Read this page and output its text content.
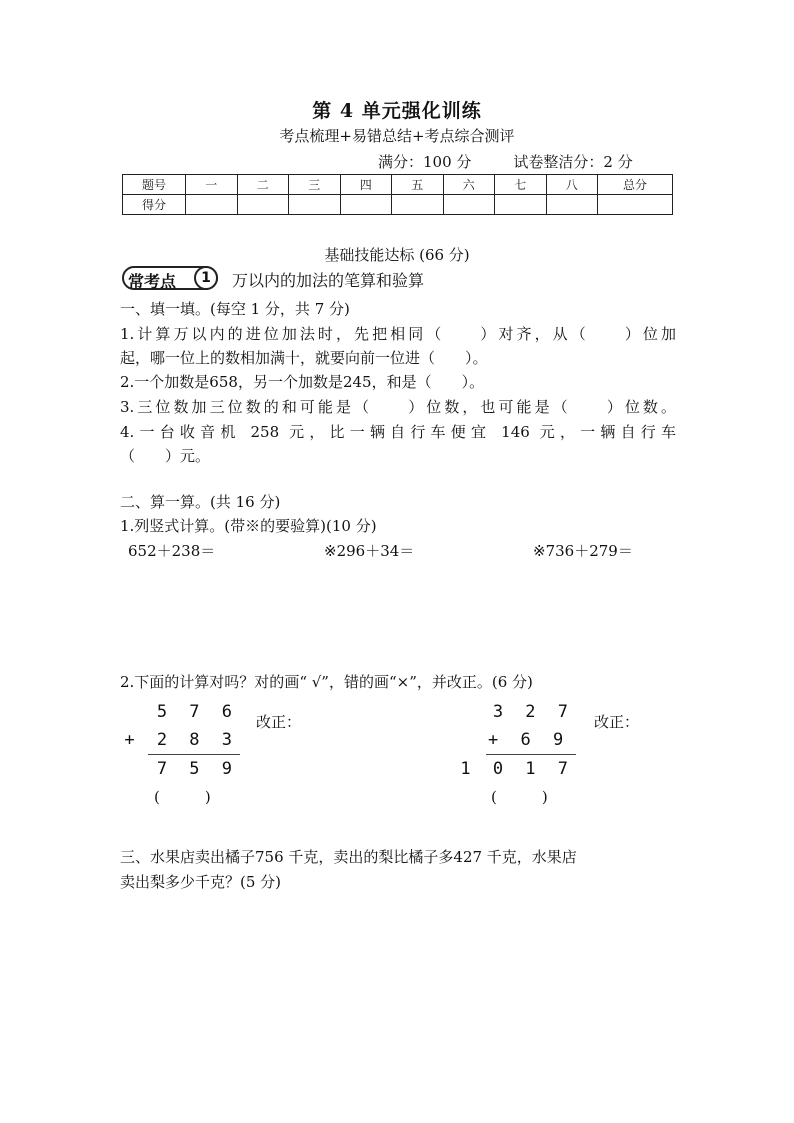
第 4 单元强化训练
考点梳理+易错总结+考点综合测评
满分：100 分	试卷整洁分：2 分
题号	一	二	三	四	五	六	七	八	总分
得分									
基础技能达标 (66 分)
常考点	1	万以内的加法的笔算和验算
一、填一填。(每空 1 分，共 7 分)
1.计算万以内的进位加法时，先把相同（　　）对齐，从（　　）位加
起，哪一位上的数相加满十，就要向前一位进（　　）。
2.一个加数是658，另一个加数是245，和是（　　）。
3.三位数加三位数的和可能是（　　）位数，也可能是（　　）位数。
4.一台收音机 258 元，比一辆自行车便宜 146 元，一辆自行车
（　　）元。
二、算一算。(共 16 分)
1.列竖式计算。(带※的要验算)(10 分)
652＋238＝	※296＋34＝	※736＋279＝
2.下面的计算对吗？对的画“ √”，错的画“×”，并改正。(6 分)
5 7 6
+ 2 8 3
7 5 9
改正：
(　　　)
3 2 7
+ 6 9
1 0 1 7
改正：
(　　　)
三、水果店卖出橘子756 千克，卖出的梨比橘子多427 千克，水果店
卖出梨多少千克？(5 分)
